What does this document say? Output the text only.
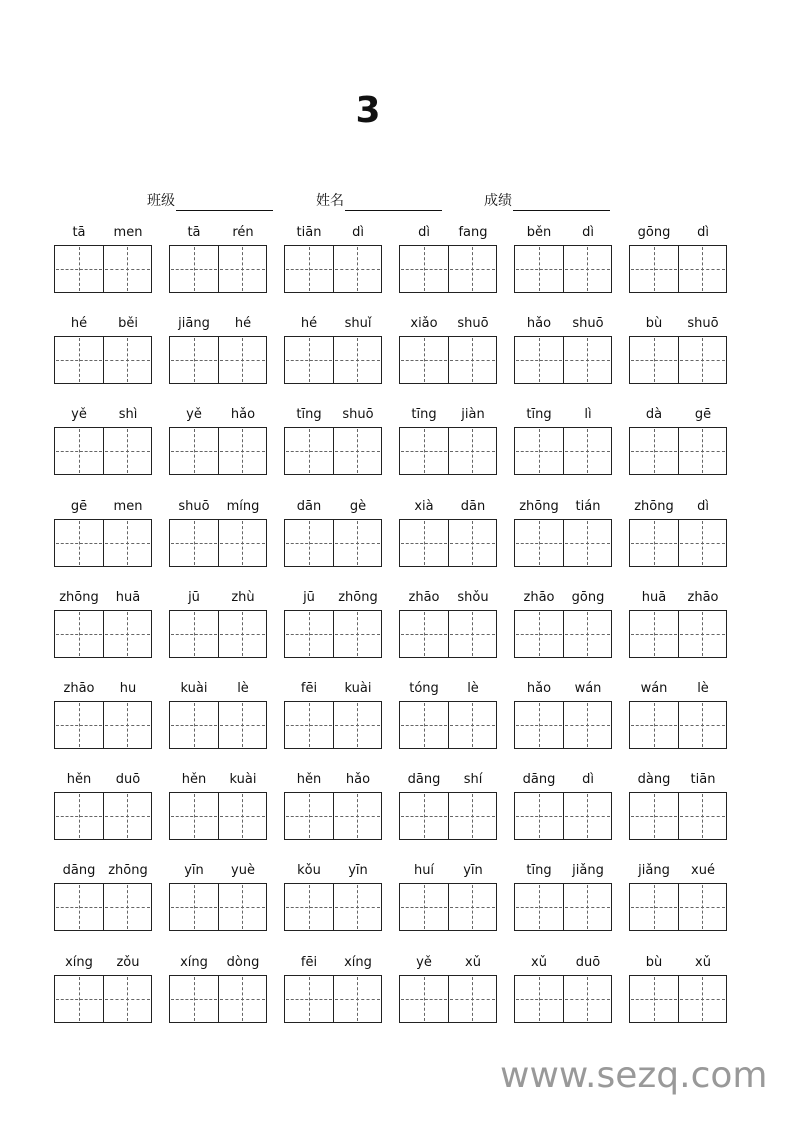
3
班级	姓名	成绩
tā	men	tā	rén	tiān	dì	dì	fang	běn	dì	gōng	dì
hé	běi	jiāng	hé	hé	shuǐ	xiǎo	shuō	hǎo	shuō	bù	shuō
yě	shì	yě	hǎo	tīng	shuō	tīng	jiàn	tīng	lì	dà	gē
gē	men	shuō	míng	dān	gè	xià	dān	zhōng	tián	zhōng	dì
zhōng	huā	jū	zhù	jū	zhōng	zhāo	shǒu	zhāo	gōng	huā	zhāo
zhāo	hu	kuài	lè	fēi	kuài	tóng	lè	hǎo	wán	wán	lè
hěn	duō	hěn	kuài	hěn	hǎo	dāng	shí	dāng	dì	dàng	tiān
dāng zhōng	yīn	yuè	kǒu	yīn	huí	yīn	tīng	jiǎng	jiǎng	xué
xíng	zǒu	xíng	dòng	fēi	xíng	yě	xǔ	xǔ	duō	bù	xǔ
www.sezq.com
